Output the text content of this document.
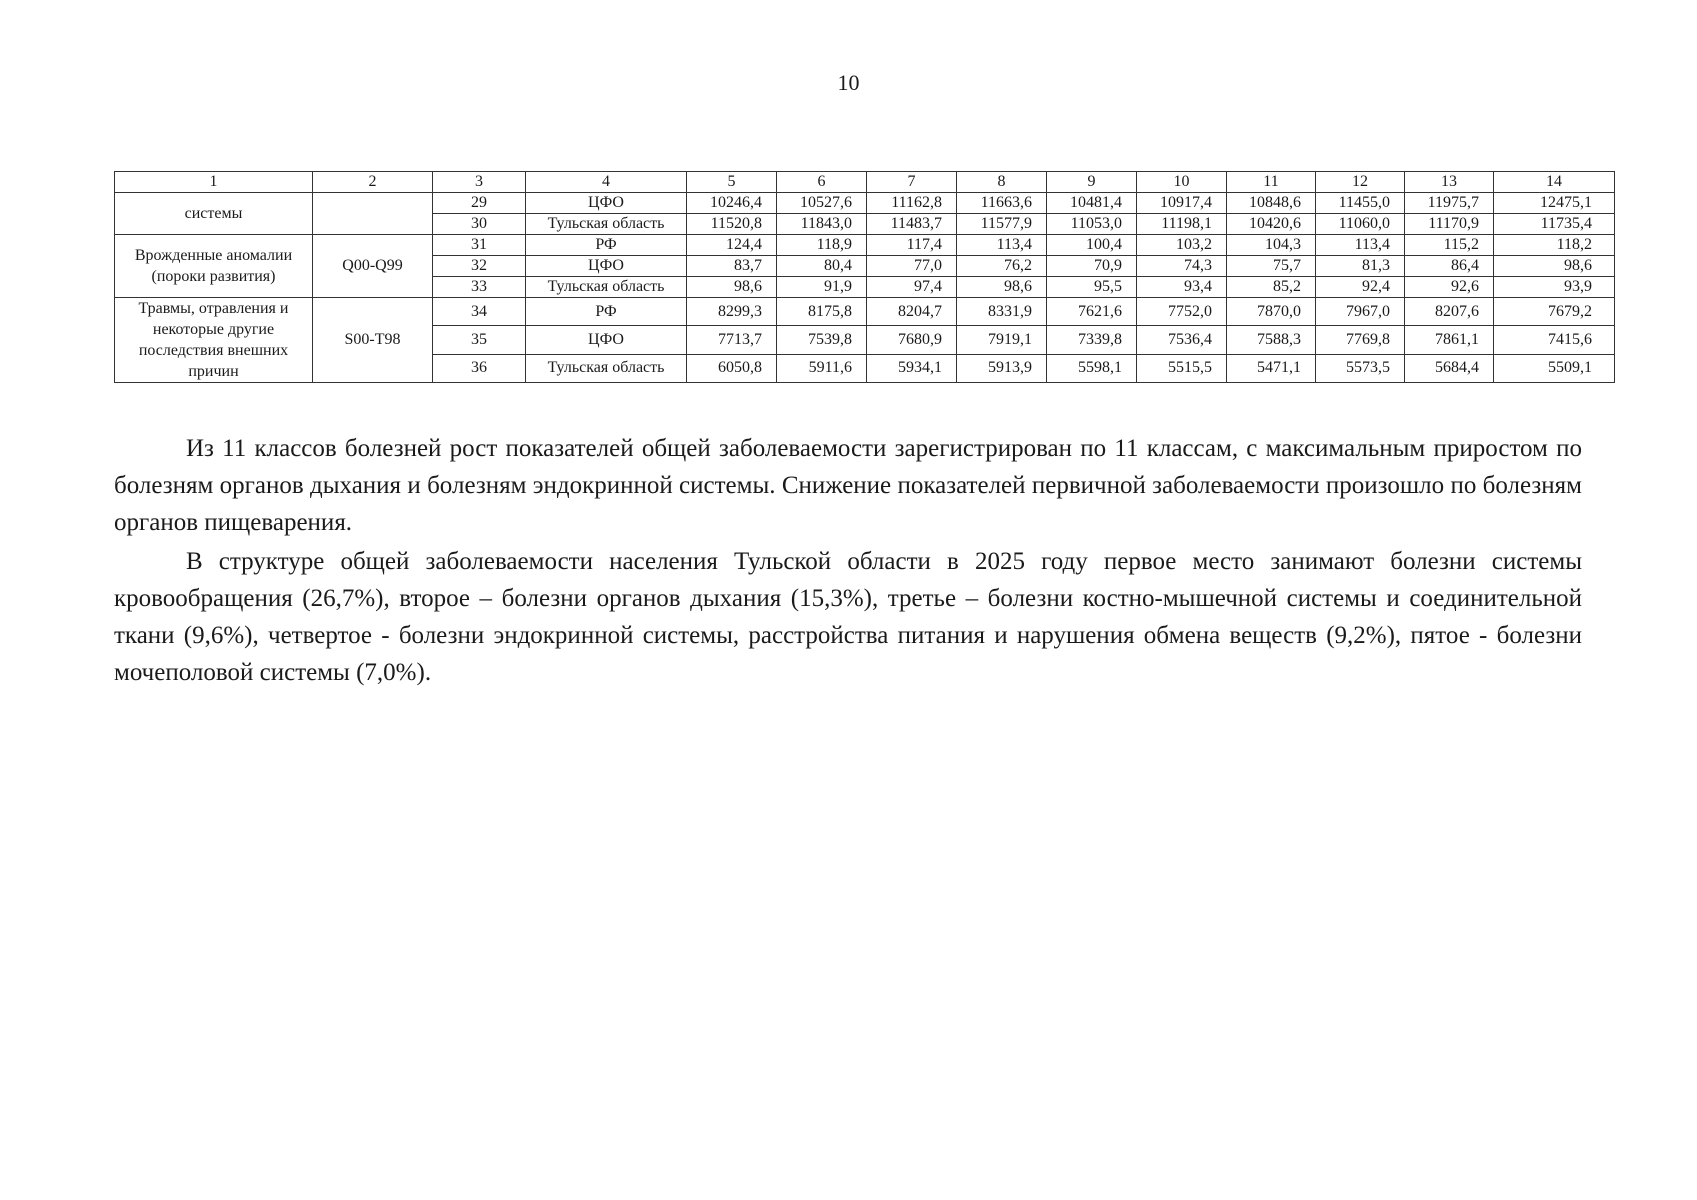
10
1	2	3	4	5	6	7	8	9	10	11	12	13	14
системы		29	ЦФО	10246,4	10527,6	11162,8	11663,6	10481,4	10917,4	10848,6	11455,0	11975,7	12475,1
		30	Тульская область	11520,8	11843,0	11483,7	11577,9	11053,0	11198,1	10420,6	11060,0	11170,9	11735,4
Врожденные аномалии (пороки развития)	Q00-Q99	31	РФ	124,4	118,9	117,4	113,4	100,4	103,2	104,3	113,4	115,2	118,2
		32	ЦФО	83,7	80,4	77,0	76,2	70,9	74,3	75,7	81,3	86,4	98,6
		33	Тульская область	98,6	91,9	97,4	98,6	95,5	93,4	85,2	92,4	92,6	93,9
Травмы, отравления и некоторые другие последствия внешних причин	S00-T98	34	РФ	8299,3	8175,8	8204,7	8331,9	7621,6	7752,0	7870,0	7967,0	8207,6	7679,2
		35	ЦФО	7713,7	7539,8	7680,9	7919,1	7339,8	7536,4	7588,3	7769,8	7861,1	7415,6
		36	Тульская область	6050,8	5911,6	5934,1	5913,9	5598,1	5515,5	5471,1	5573,5	5684,4	5509,1

Из 11 классов болезней рост показателей общей заболеваемости зарегистрирован по 11 классам, с максимальным приростом по болезням органов дыхания и болезням эндокринной системы. Снижение показателей первичной заболеваемости произошло по болезням органов пищеварения.

В структуре общей заболеваемости населения Тульской области в 2025 году первое место занимают болезни системы кровообращения (26,7%), второе – болезни органов дыхания (15,3%), третье – болезни костно-мышечной системы и соединительной ткани (9,6%), четвертое - болезни эндокринной системы, расстройства питания и нарушения обмена веществ (9,2%), пятое - болезни мочеполовой системы (7,0%).
